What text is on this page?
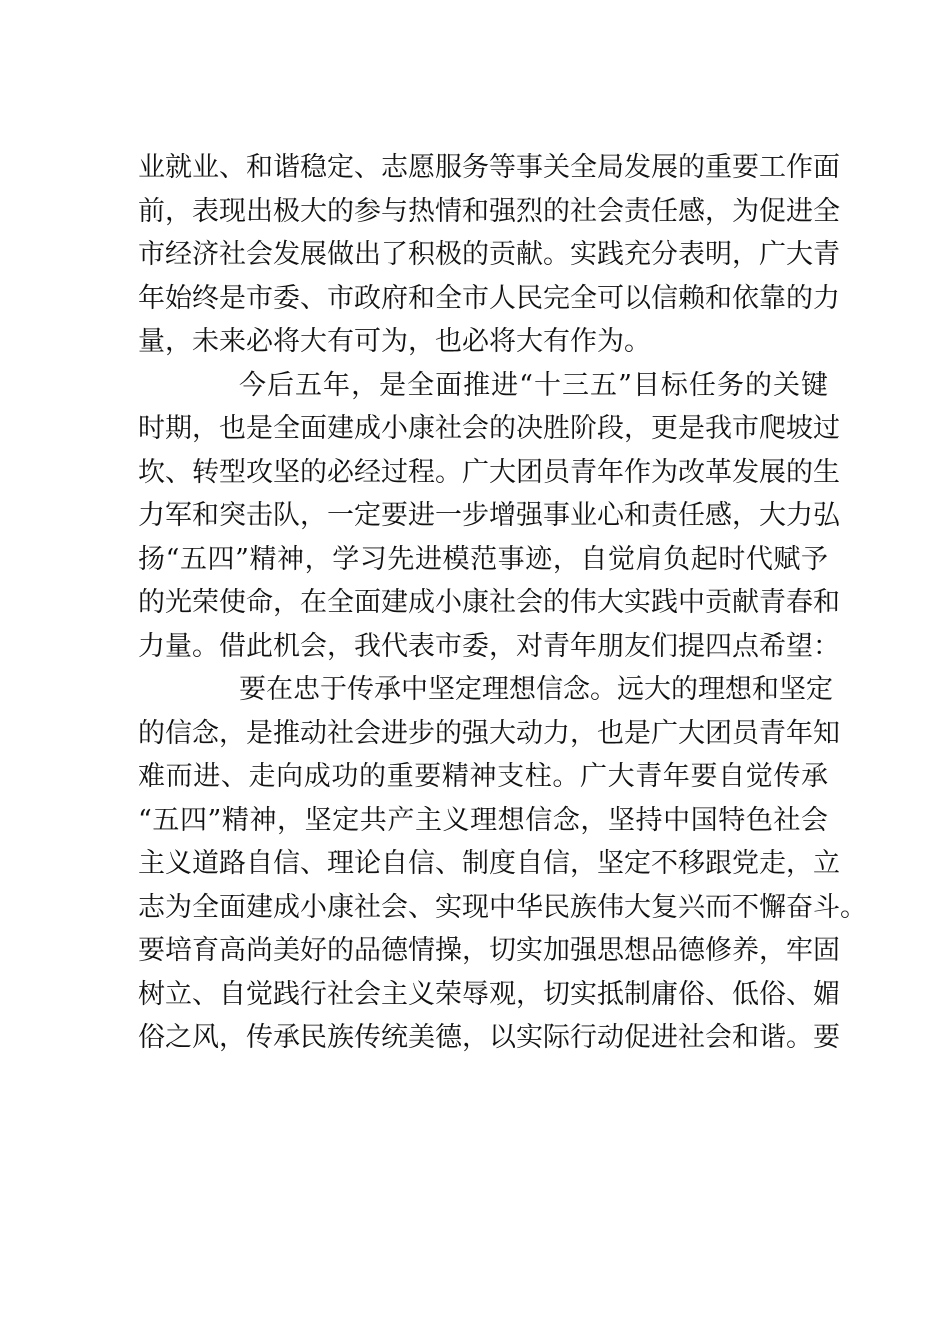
业就业、和谐稳定、志愿服务等事关全局发展的重要工作面
前，表现出极大的参与热情和强烈的社会责任感，为促进全
市经济社会发展做出了积极的贡献。实践充分表明，广大青
年始终是市委、市政府和全市人民完全可以信赖和依靠的力
量，未来必将大有可为，也必将大有作为。
今后五年，是全面推进“十三五”目标任务的关键
时期，也是全面建成小康社会的决胜阶段，更是我市爬坡过
坎、转型攻坚的必经过程。广大团员青年作为改革发展的生
力军和突击队，一定要进一步增强事业心和责任感，大力弘
扬“五四”精神，学习先进模范事迹，自觉肩负起时代赋予
的光荣使命，在全面建成小康社会的伟大实践中贡献青春和
力量。借此机会，我代表市委，对青年朋友们提四点希望：
要在忠于传承中坚定理想信念。远大的理想和坚定
的信念，是推动社会进步的强大动力，也是广大团员青年知
难而进、走向成功的重要精神支柱。广大青年要自觉传承
“五四”精神，坚定共产主义理想信念，坚持中国特色社会
主义道路自信、理论自信、制度自信，坚定不移跟党走，立
志为全面建成小康社会、实现中华民族伟大复兴而不懈奋斗。
要培育高尚美好的品德情操，切实加强思想品德修养，牢固
树立、自觉践行社会主义荣辱观，切实抵制庸俗、低俗、媚
俗之风，传承民族传统美德，以实际行动促进社会和谐。要
